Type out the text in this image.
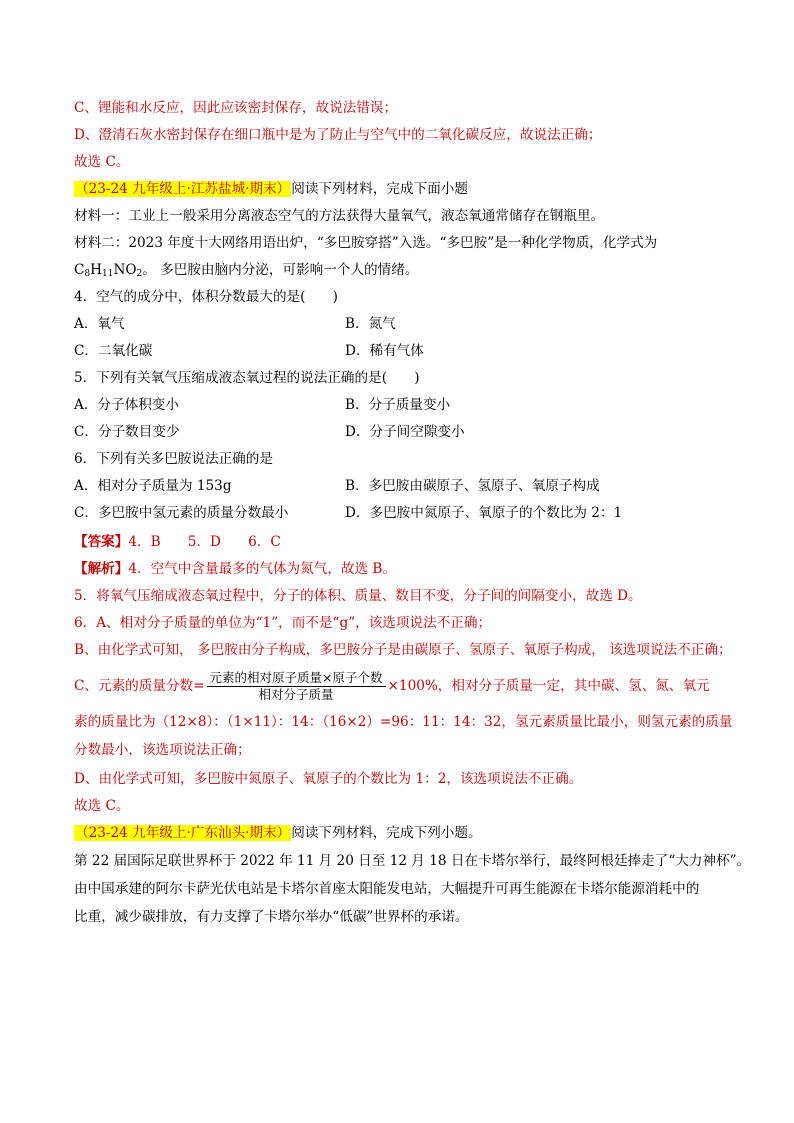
C、锂能和水反应，因此应该密封保存，故说法错误；
D、澄清石灰水密封保存在细口瓶中是为了防止与空气中的二氧化碳反应，故说法正确；
故选 C。
（23-24 九年级上·江苏盐城·期末）阅读下列材料，完成下面小题
材料一：工业上一般采用分离液态空气的方法获得大量氧气，液态氧通常储存在钢瓶里。
材料二：2023 年度十大网络用语出炉，“多巴胺穿搭”入选。“多巴胺”是一种化学物质，化学式为
$C_8H_{11}NO_2$。 多巴胺由脑内分泌，可影响一个人的情绪。
4．空气的成分中，体积分数最大的是(　　)
A．氧气	B．氮气
C．二氧化碳	D．稀有气体
5．下列有关氧气压缩成液态氧过程的说法正确的是(　　)
A．分子体积变小	B．分子质量变小
C．分子数目变少	D．分子间空隙变小
6．下列有关多巴胺说法正确的是
A．相对分子质量为 153g	B．多巴胺由碳原子、氢原子、氧原子构成
C．多巴胺中氢元素的质量分数最小	D．多巴胺中氮原子、氧原子的个数比为 2：1
【答案】4．B　　5．D　　6．C
【解析】4．空气中含量最多的气体为氮气，故选 B。
5．将氧气压缩成液态氧过程中，分子的体积、质量、数目不变，分子间的间隔变小，故选 D。
6．A、相对分子质量的单位为“1”，而不是“g”，该选项说法不正确；
B、由化学式可知， 多巴胺由分子构成，多巴胺分子是由碳原子、氢原子、氧原子构成， 该选项说法不正确；
C、元素的质量分数= $\frac{\text{元素的相对原子质量×原子个数}}{\text{相对分子质量}} \times 100\%$，相对分子质量一定，其中碳、氢、氮、氧元
素的质量比为（12×8）：（1×11）：14：（16×2）=96：11：14：32，氢元素质量比最小，则氢元素的质量
分数最小，该选项说法正确；
D、由化学式可知，多巴胺中氮原子、氧原子的个数比为 1：2，该选项说法不正确。
故选 C。
（23-24 九年级上·广东汕头·期末）阅读下列材料，完成下列小题。
第 22 届国际足联世界杯于 2022 年 11 月 20 日至 12 月 18 日在卡塔尔举行，最终阿根廷捧走了“大力神杯”。
由中国承建的阿尔卡萨光伏电站是卡塔尔首座太阳能发电站，大幅提升可再生能源在卡塔尔能源消耗中的
比重，减少碳排放，有力支撑了卡塔尔举办“低碳”世界杯的承诺。
